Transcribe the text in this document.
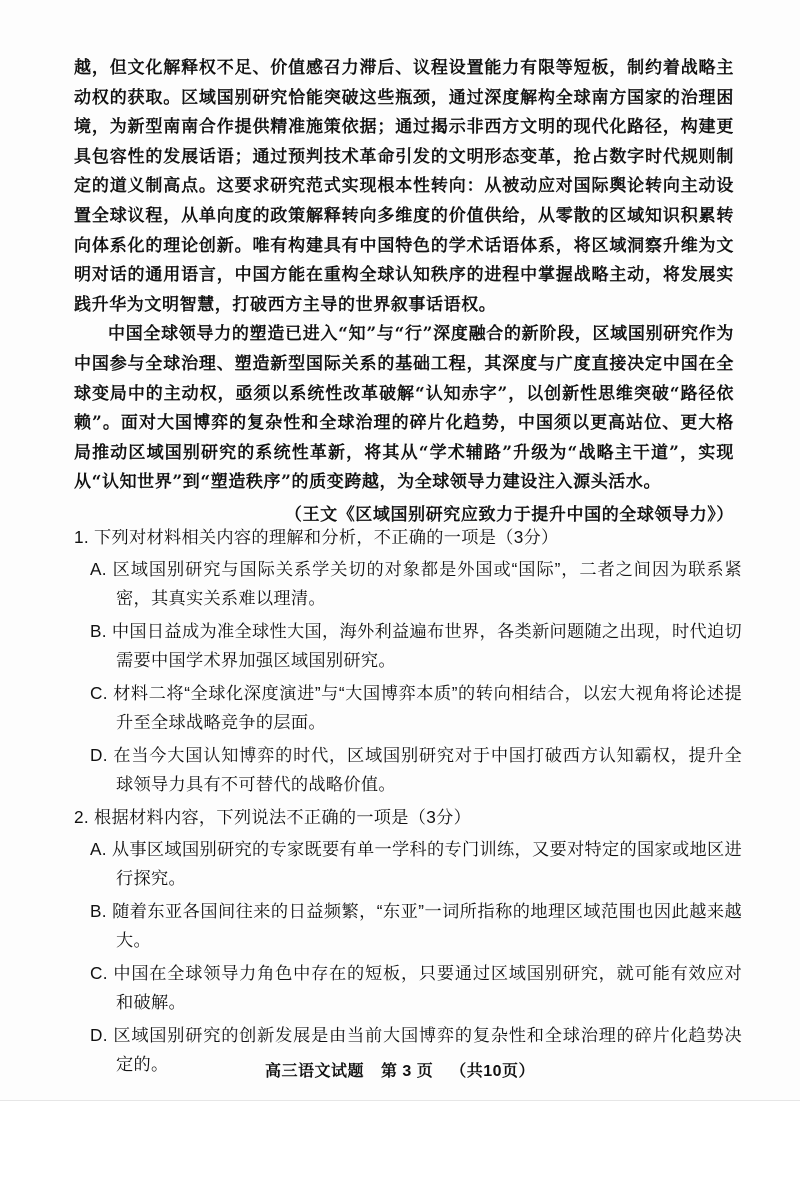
越，但文化解释权不足、价值感召力滞后、议程设置能力有限等短板，制约着战略主动权的获取。区域国别研究恰能突破这些瓶颈，通过深度解构全球南方国家的治理困境，为新型南南合作提供精准施策依据；通过揭示非西方文明的现代化路径，构建更具包容性的发展话语；通过预判技术革命引发的文明形态变革，抢占数字时代规则制定的道义制高点。这要求研究范式实现根本性转向：从被动应对国际舆论转向主动设置全球议程，从单向度的政策解释转向多维度的价值供给，从零散的区域知识积累转向体系化的理论创新。唯有构建具有中国特色的学术话语体系，将区域洞察升维为文明对话的通用语言，中国方能在重构全球认知秩序的进程中掌握战略主动，将发展实践升华为文明智慧，打破西方主导的世界叙事话语权。

中国全球领导力的塑造已进入“知”与“行”深度融合的新阶段，区域国别研究作为中国参与全球治理、塑造新型国际关系的基础工程，其深度与广度直接决定中国在全球变局中的主动权，亟须以系统性改革破解“认知赤字”，以创新性思维突破“路径依赖”。面对大国博弈的复杂性和全球治理的碎片化趋势，中国须以更高站位、更大格局推动区域国别研究的系统性革新，将其从“学术辅路”升级为“战略主干道”，实现从“认知世界”到“塑造秩序”的质变跨越，为全球领导力建设注入源头活水。

（王文《区域国别研究应致力于提升中国的全球领导力》）

1. 下列对材料相关内容的理解和分析，不正确的一项是（3分）

A. 区域国别研究与国际关系学关切的对象都是外国或“国际”，二者之间因为联系紧密，其真实关系难以理清。

B. 中国日益成为准全球性大国，海外利益遍布世界，各类新问题随之出现，时代迫切需要中国学术界加强区域国别研究。

C. 材料二将“全球化深度演进”与“大国博弈本质”的转向相结合，以宏大视角将论述提升至全球战略竞争的层面。

D. 在当今大国认知博弈的时代，区域国别研究对于中国打破西方认知霸权，提升全球领导力具有不可替代的战略价值。

2. 根据材料内容，下列说法不正确的一项是（3分）

A. 从事区域国别研究的专家既要有单一学科的专门训练，又要对特定的国家或地区进行探究。

B. 随着东亚各国间往来的日益频繁，“东亚”一词所指称的地理区域范围也因此越来越大。

C. 中国在全球领导力角色中存在的短板，只要通过区域国别研究，就可能有效应对和破解。

D. 区域国别研究的创新发展是由当前大国博弈的复杂性和全球治理的碎片化趋势决定的。	高三语文试题 第 3 页 （共10页）
